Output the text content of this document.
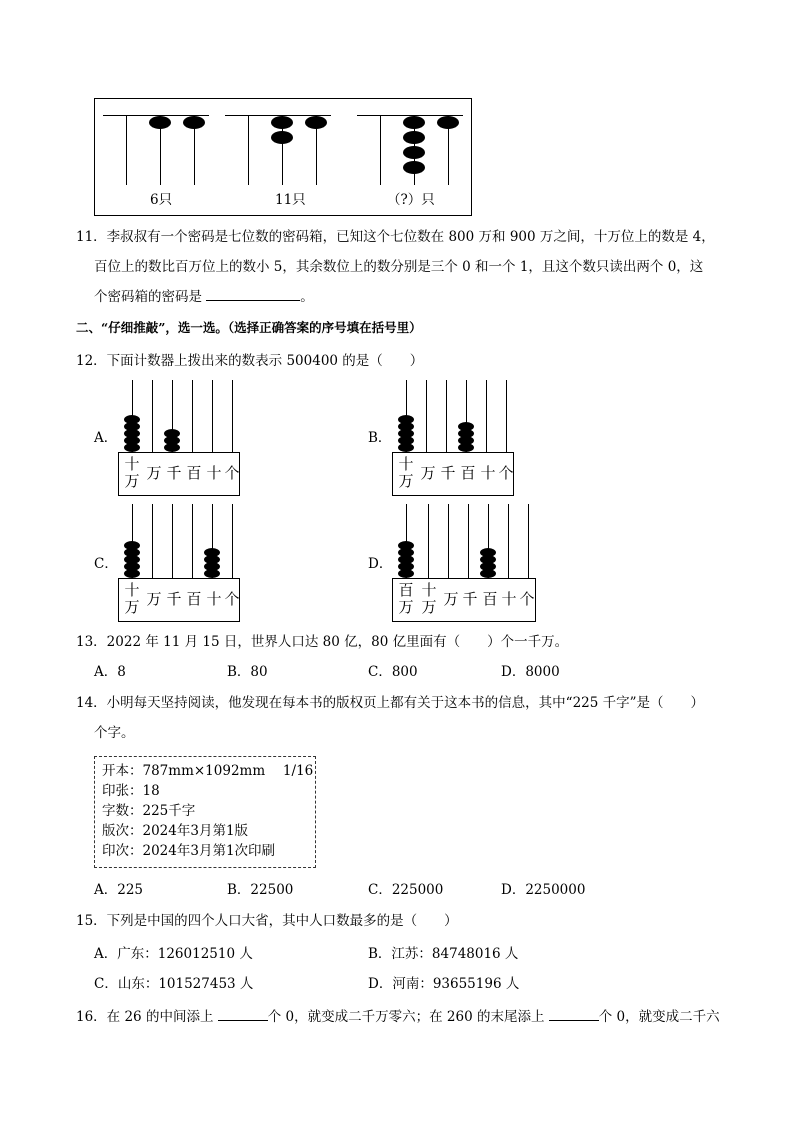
6只	11只	（?）只
11．李叔叔有一个密码是七位数的密码箱，已知这个七位数在 800 万和 900 万之间，十万位上的数是 4，
百位上的数比百万位上的数小 5，其余数位上的数分别是三个 0 和一个 1，且这个数只读出两个 0，这
个密码箱的密码是	。
二、“仔细推敲”，选一选。（选择正确答案的序号填在括号里）
12．下面计数器上拨出来的数表示 500400 的是（　　）
A．
十
万 万 千 百 十 个
B．
十
万 万 千 百 十 个
C．
十
万 万 千 百 十 个
D．
百
万
十
万 万 千 百 十 个
13．2022 年 11 月 15 日，世界人口达 80 亿，80 亿里面有（　　）个一千万。
A．8	B．80	C．800	D．8000
14．小明每天坚持阅读，他发现在每本书的版权页上都有关于这本书的信息，其中“225 千字”是（　　）
个字。
开本：787mm×1092mm　 1/16
印张：18
字数：225千字
版次：2024年3月第1版
印次：2024年3月第1次印刷
A．225	B．22500	C．225000	D．2250000
15．下列是中国的四个人口大省，其中人口数最多的是（　　）
A．广东：126012510 人	B．江苏：84748016 人
C．山东：101527453 人	D．河南：93655196 人
16．在 26 的中间添上	个 0，就变成二千万零六；在 260 的末尾添上	个 0，就变成二千六
